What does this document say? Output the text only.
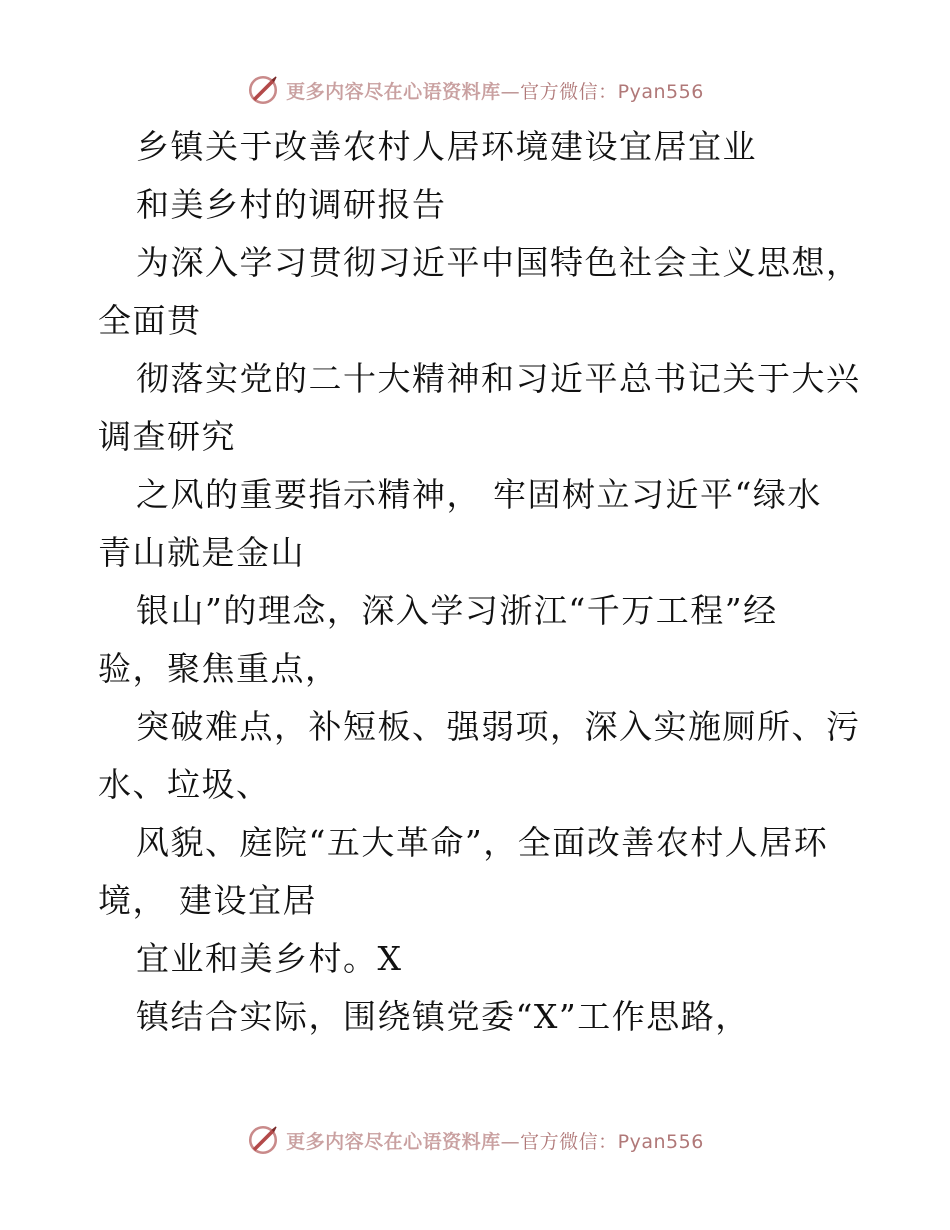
更多内容尽在心语资料库—官方微信：Pyan556
乡镇关于改善农村人居环境建设宜居宜业
和美乡村的调研报告
为深入学习贯彻习近平中国特色社会主义思想，
全面贯
彻落实党的二十大精神和习近平总书记关于大兴
调查研究
之风的重要指示精神， 牢固树立习近平“绿水
青山就是金山
银山”的理念，深入学习浙江“千万工程”经
验，聚焦重点，
突破难点，补短板、强弱项，深入实施厕所、污
水、垃圾、
风貌、庭院“五大革命”，全面改善农村人居环
境， 建设宜居
宜业和美乡村。X
镇结合实际，围绕镇党委“X”工作思路，
更多内容尽在心语资料库—官方微信：Pyan556
